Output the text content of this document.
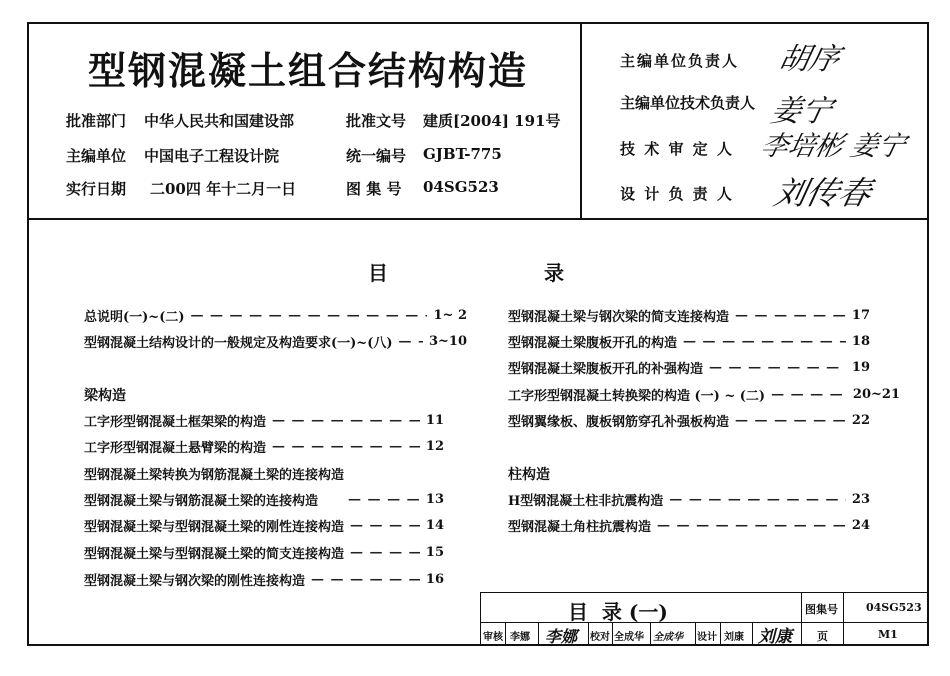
型钢混凝土组合结构构造
批准部门 中华人民共和国建设部	批准文号 建质[2004] 191号
主编单位 中国电子工程设计院	统一编号 GJBT-775
实行日期 二00四 年十二月一日	图 集 号 04SG523
主编单位负责人 胡序
主编单位技术负责人 姜宁
技 术 审 定 人 李培彬 姜宁
设 计 负 责 人 刘传春
目	录
总说明(一)~(二) — — —	1~ 2
型钢混凝土结构设计的一般规定及构造要求(一)~(八) — — —	3~10
梁构造
工字形型钢混凝土框架梁的构造 — — —	11
工字形型钢混凝土悬臂梁的构造 — — —	12
型钢混凝土梁转换为钢筋混凝土梁的连接构造
型钢混凝土梁与钢筋混凝土梁的连接构造 — — —	13
型钢混凝土梁与型钢混凝土梁的刚性连接构造 — — —	14
型钢混凝土梁与型钢混凝土梁的简支连接构造 — — —	15
型钢混凝土梁与钢次梁的刚性连接构造 — — —	16
型钢混凝土梁与钢次梁的简支连接构造 — — —	17
型钢混凝土梁腹板开孔的构造 — — —	18
型钢混凝土梁腹板开孔的补强构造 — — —	19
工字形型钢混凝土转换梁的构造 (一) ~ (二) — — —	20~21
型钢翼缘板、腹板钢筋穿孔补强板构造 — — —	22
柱构造
H型钢混凝土柱非抗震构造 — — —	23
型钢混凝土角柱抗震构造 — — —	24
目  录 (一)	图集号	04SG523
页	M1
审核 李娜 李娜 校对 全成华 全成华 设计 刘康 刘康
